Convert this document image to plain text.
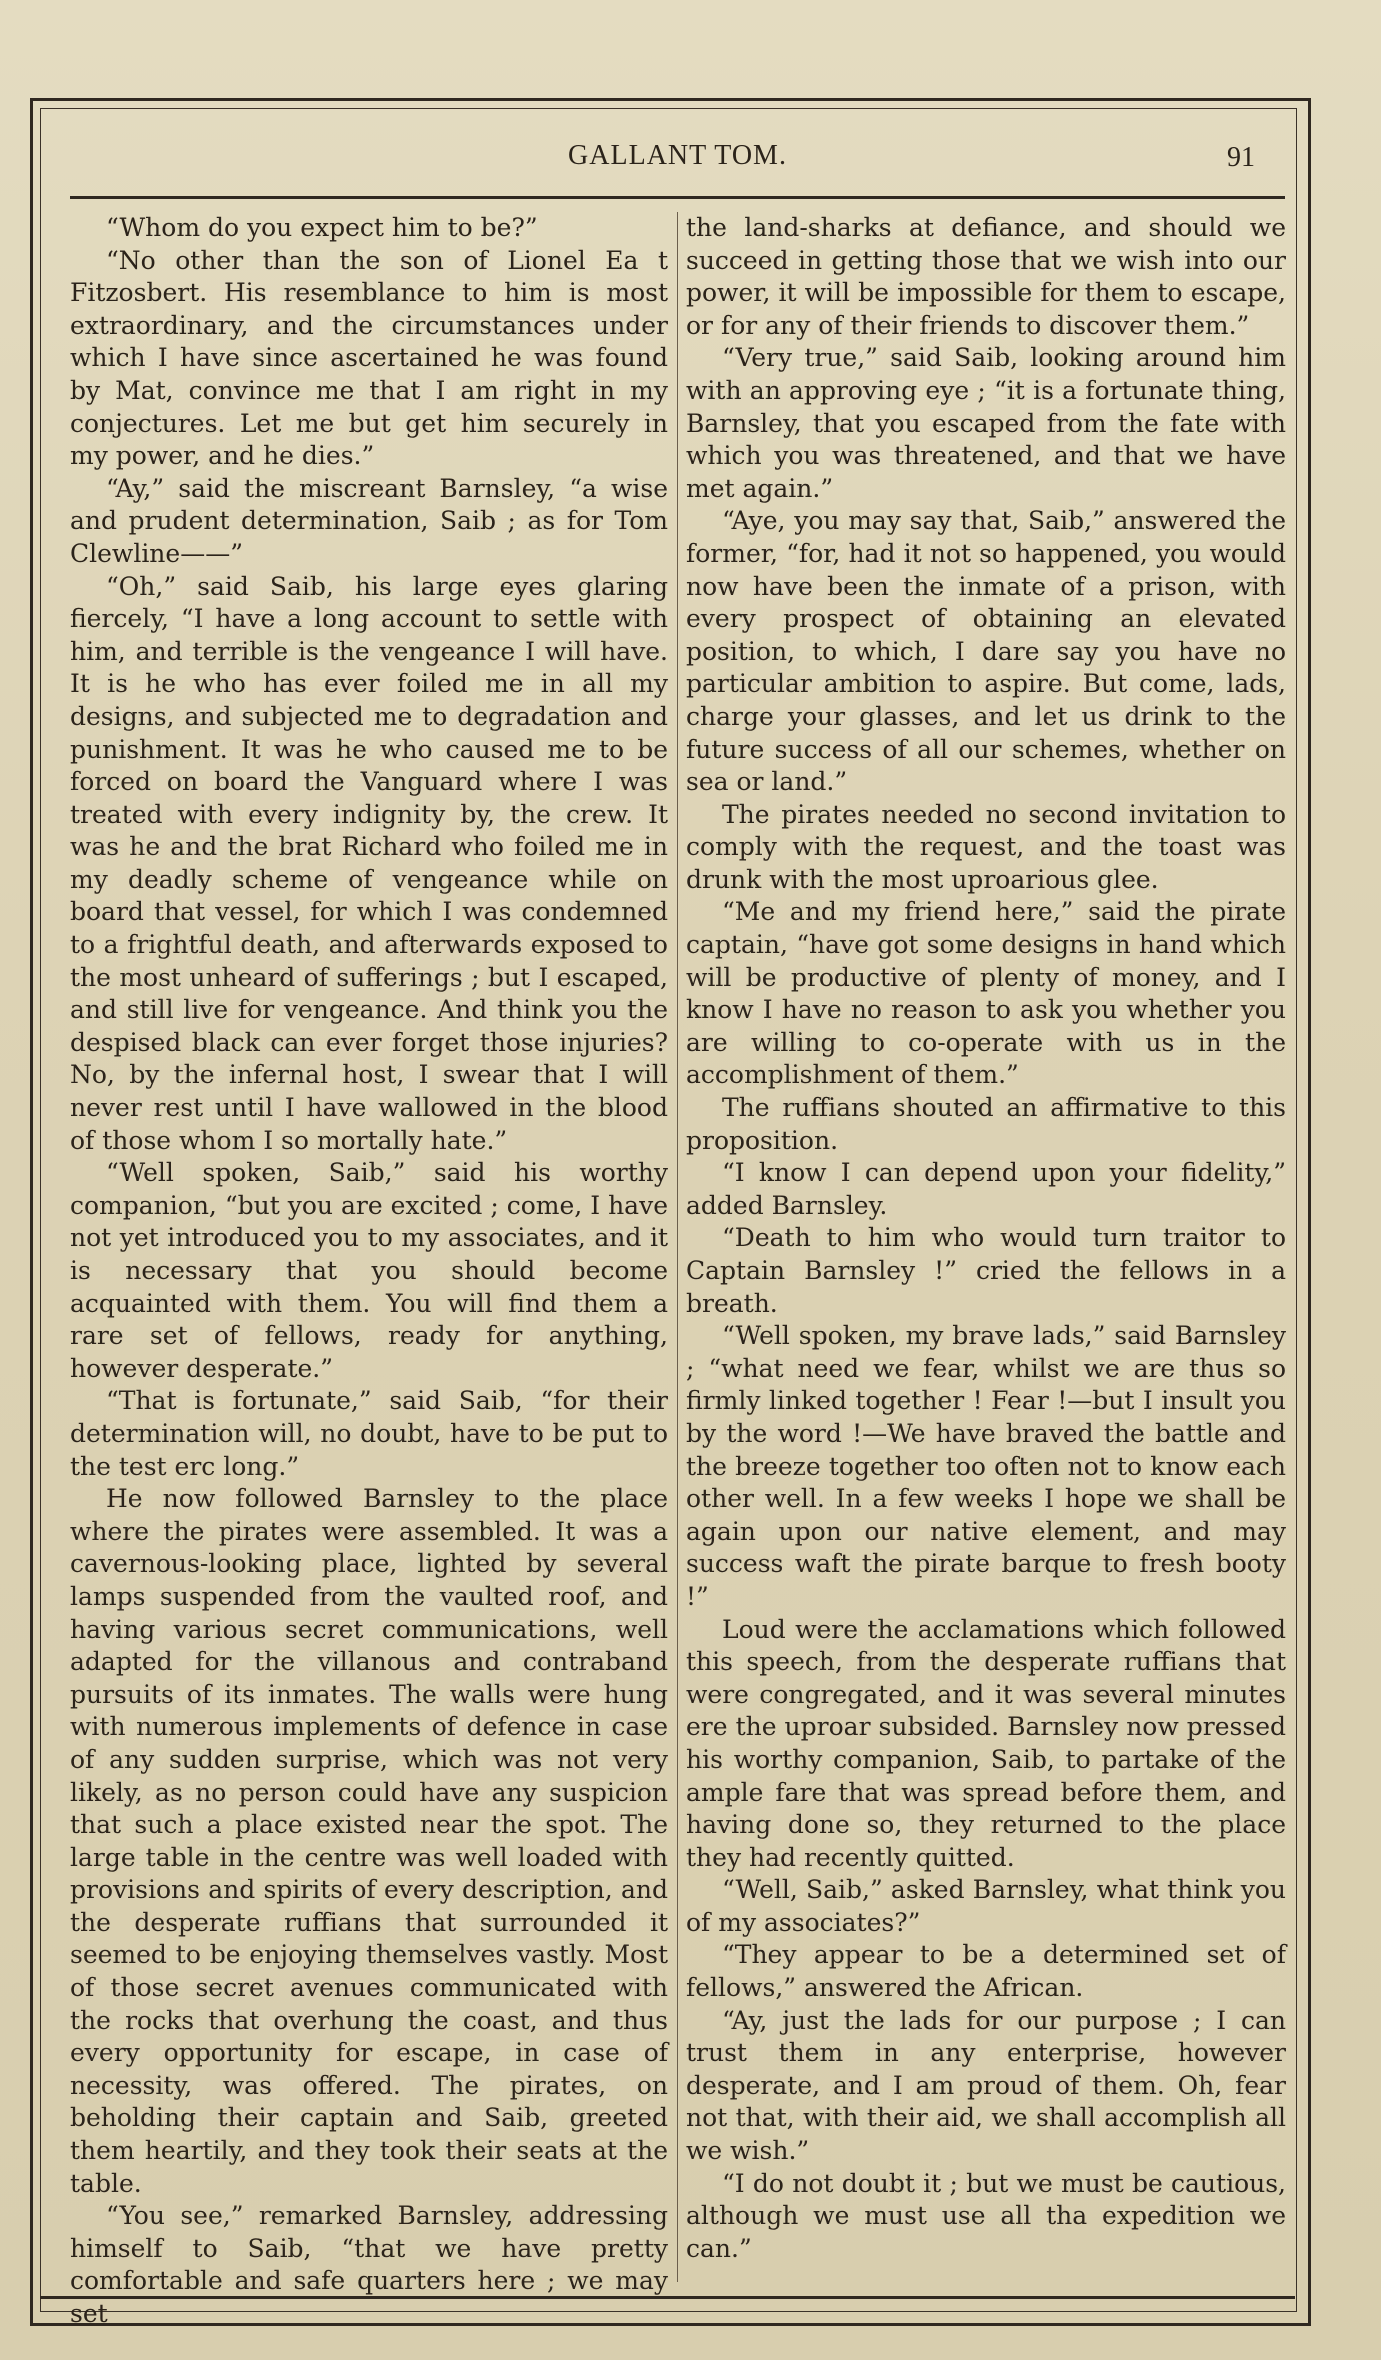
GALLANT TOM.	91

“Whom do you expect him to be?”

“No other than the son of Lionel Ea t Fitzosbert. His resemblance to him is most extraordinary, and the circumstances under which I have since ascertained he was found by Mat, convince me that I am right in my conjectures. Let me but get him securely in my power, and he dies.”

“Ay,” said the miscreant Barnsley, “a wise and prudent determination, Saib ; as for Tom Clewline——”

“Oh,” said Saib, his large eyes glaring fiercely, “I have a long account to settle with him, and terrible is the vengeance I will have. It is he who has ever foiled me in all my designs, and subjected me to degradation and punishment. It was he who caused me to be forced on board the Vanguard where I was treated with every indignity by, the crew. It was he and the brat Richard who foiled me in my deadly scheme of vengeance while on board that vessel, for which I was condemned to a frightful death, and afterwards exposed to the most unheard of sufferings ; but I escaped, and still live for vengeance. And think you the despised black can ever forget those injuries? No, by the infernal host, I swear that I will never rest until I have wallowed in the blood of those whom I so mortally hate.”

“Well spoken, Saib,” said his worthy companion, “but you are excited ; come, I have not yet introduced you to my associates, and it is necessary that you should become acquainted with them. You will find them a rare set of fellows, ready for anything, however desperate.”

“That is fortunate,” said Saib, “for their determination will, no doubt, have to be put to the test erc long.”

He now followed Barnsley to the place where the pirates were assembled. It was a cavernous-looking place, lighted by several lamps suspended from the vaulted roof, and having various secret communications, well adapted for the villanous and contraband pursuits of its inmates. The walls were hung with numerous implements of defence in case of any sudden surprise, which was not very likely, as no person could have any suspicion that such a place existed near the spot. The large table in the centre was well loaded with provisions and spirits of every description, and the desperate ruffians that surrounded it seemed to be enjoying themselves vastly. Most of those secret avenues communicated with the rocks that overhung the coast, and thus every opportunity for escape, in case of necessity, was offered. The pirates, on beholding their captain and Saib, greeted them heartily, and they took their seats at the table.

“You see,” remarked Barnsley, addressing himself to Saib, “that we have pretty comfortable and safe quarters here ; we may set

the land-sharks at defiance, and should we succeed in getting those that we wish into our power, it will be impossible for them to escape, or for any of their friends to discover them.”

“Very true,” said Saib, looking around him with an approving eye ; “it is a fortunate thing, Barnsley, that you escaped from the fate with which you was threatened, and that we have met again.”

“Aye, you may say that, Saib,” answered the former, “for, had it not so happened, you would now have been the inmate of a prison, with every prospect of obtaining an elevated position, to which, I dare say you have no particular ambition to aspire. But come, lads, charge your glasses, and let us drink to the future success of all our schemes, whether on sea or land.”

The pirates needed no second invitation to comply with the request, and the toast was drunk with the most uproarious glee.

“Me and my friend here,” said the pirate captain, “have got some designs in hand which will be productive of plenty of money, and I know I have no reason to ask you whether you are willing to co-operate with us in the accomplishment of them.”

The ruffians shouted an affirmative to this proposition.

“I know I can depend upon your fidelity,” added Barnsley.

“Death to him who would turn traitor to Captain Barnsley !” cried the fellows in a breath.

“Well spoken, my brave lads,” said Barnsley ; “what need we fear, whilst we are thus so firmly linked together ! Fear !—but I insult you by the word !—We have braved the battle and the breeze together too often not to know each other well. In a few weeks I hope we shall be again upon our native element, and may success waft the pirate barque to fresh booty !”

Loud were the acclamations which followed this speech, from the desperate ruffians that were congregated, and it was several minutes ere the uproar subsided. Barnsley now pressed his worthy companion, Saib, to partake of the ample fare that was spread before them, and having done so, they returned to the place they had recently quitted.

“Well, Saib,” asked Barnsley, what think you of my associates?”

“They appear to be a determined set of fellows,” answered the African.

“Ay, just the lads for our purpose ; I can trust them in any enterprise, however desperate, and I am proud of them. Oh, fear not that, with their aid, we shall accomplish all we wish.”

“I do not doubt it ; but we must be cautious, although we must use all tha expedition we can.”
